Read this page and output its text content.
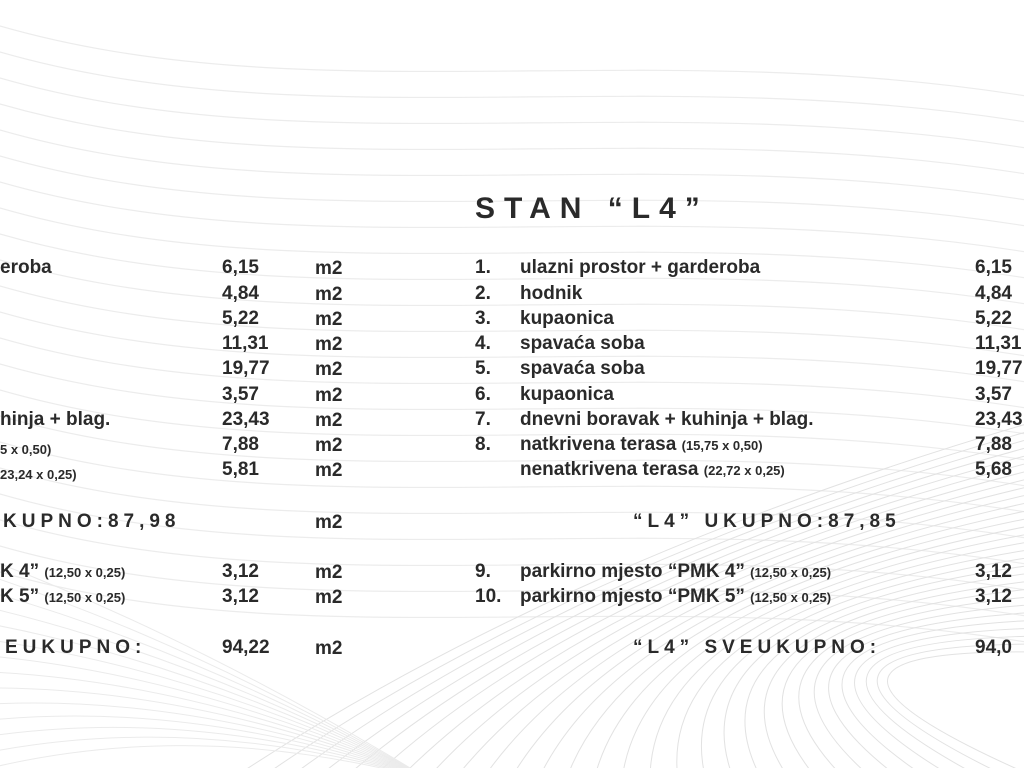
eroba	6,15	m2
4,84	m2
5,22	m2
11,31 m2
19,77 m2
3,57	m2
hinja + blag.	23,43 m2
5 x 0,50)	7,88	m2
23,24 x 0,25)	5,81	m2
KUPNO:87,98	m2
K 4” (12,50 x 0,25)	3,12	m2
K 5” (12,50 x 0,25)	3,12	m2
EUKUPNO:	94,22 m2
STAN “L4”
1. ulazni prostor + garderoba	6,15
2. hodnik	4,84
3. kupaonica	5,22
4. spavaća soba	11,31
5. spavaća soba	19,77
6. kupaonica	3,57
7. dnevni boravak + kuhinja + blag.	23,43
8. natkrivena terasa (15,75 x 0,50)	7,88
nenatkrivena terasa (22,72 x 0,25)	5,68
“L4” UKUPNO:87,85
9. parkirno mjesto “PMK 4” (12,50 x 0,25)	3,12
10. parkirno mjesto “PMK 5” (12,50 x 0,25)	3,12
“L4” SVEUKUPNO:	94,0
